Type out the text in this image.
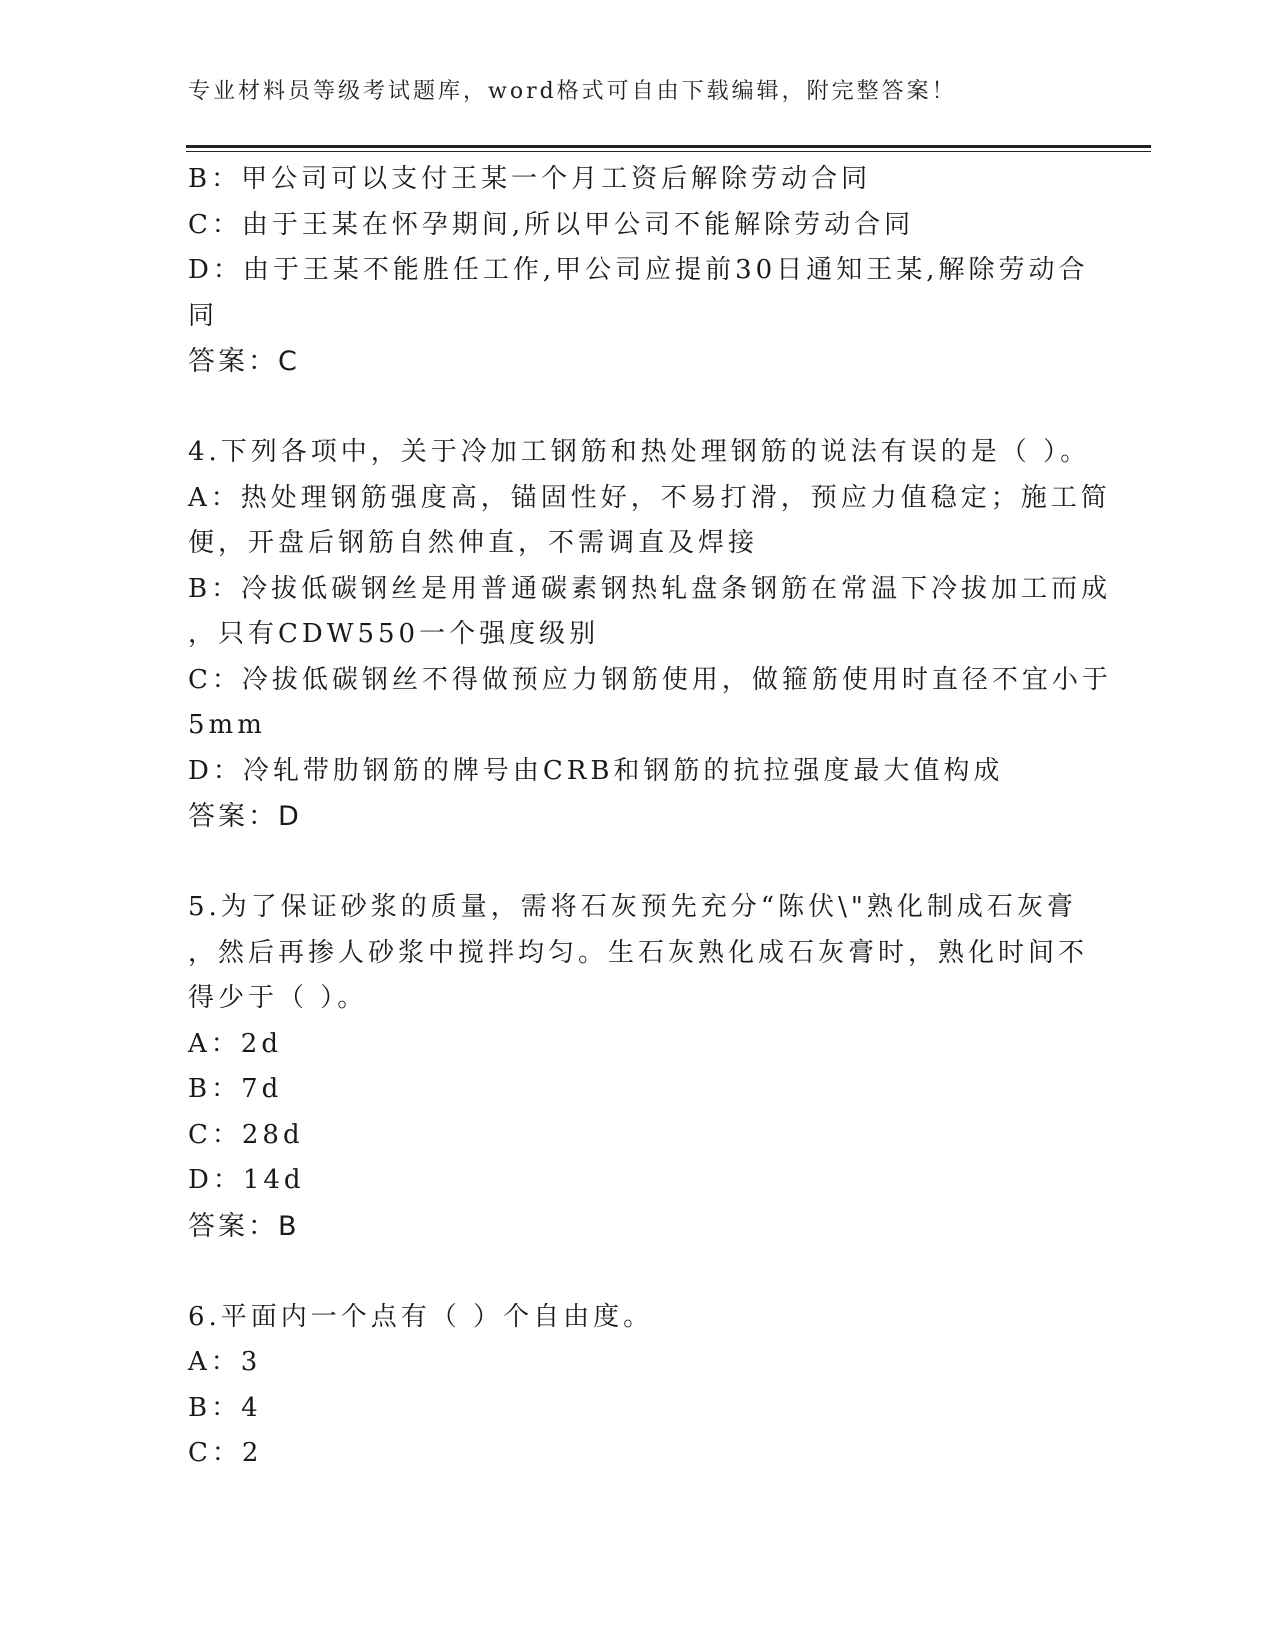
专业材料员等级考试题库，word格式可自由下载编辑，附完整答案！
B：甲公司可以支付王某一个月工资后解除劳动合同
C：由于王某在怀孕期间,所以甲公司不能解除劳动合同
D：由于王某不能胜任工作,甲公司应提前30日通知王某,解除劳动合
同
答案：C
4.下列各项中，关于冷加工钢筋和热处理钢筋的说法有误的是（ ）。
A：热处理钢筋强度高，锚固性好，不易打滑，预应力值稳定；施工简
便，开盘后钢筋自然伸直，不需调直及焊接
B：冷拔低碳钢丝是用普通碳素钢热轧盘条钢筋在常温下冷拔加工而成
，只有CDW550一个强度级别
C：冷拔低碳钢丝不得做预应力钢筋使用，做箍筋使用时直径不宜小于
5mm
D：冷轧带肋钢筋的牌号由CRB和钢筋的抗拉强度最大值构成
答案：D
5.为了保证砂浆的质量，需将石灰预先充分“陈伏\"熟化制成石灰膏
，然后再掺人砂浆中搅拌均匀。生石灰熟化成石灰膏时，熟化时间不
得少于（ ）。
A：2d
B：7d
C：28d
D：14d
答案：B
6.平面内一个点有（ ）个自由度。
A：3
B：4
C：2
